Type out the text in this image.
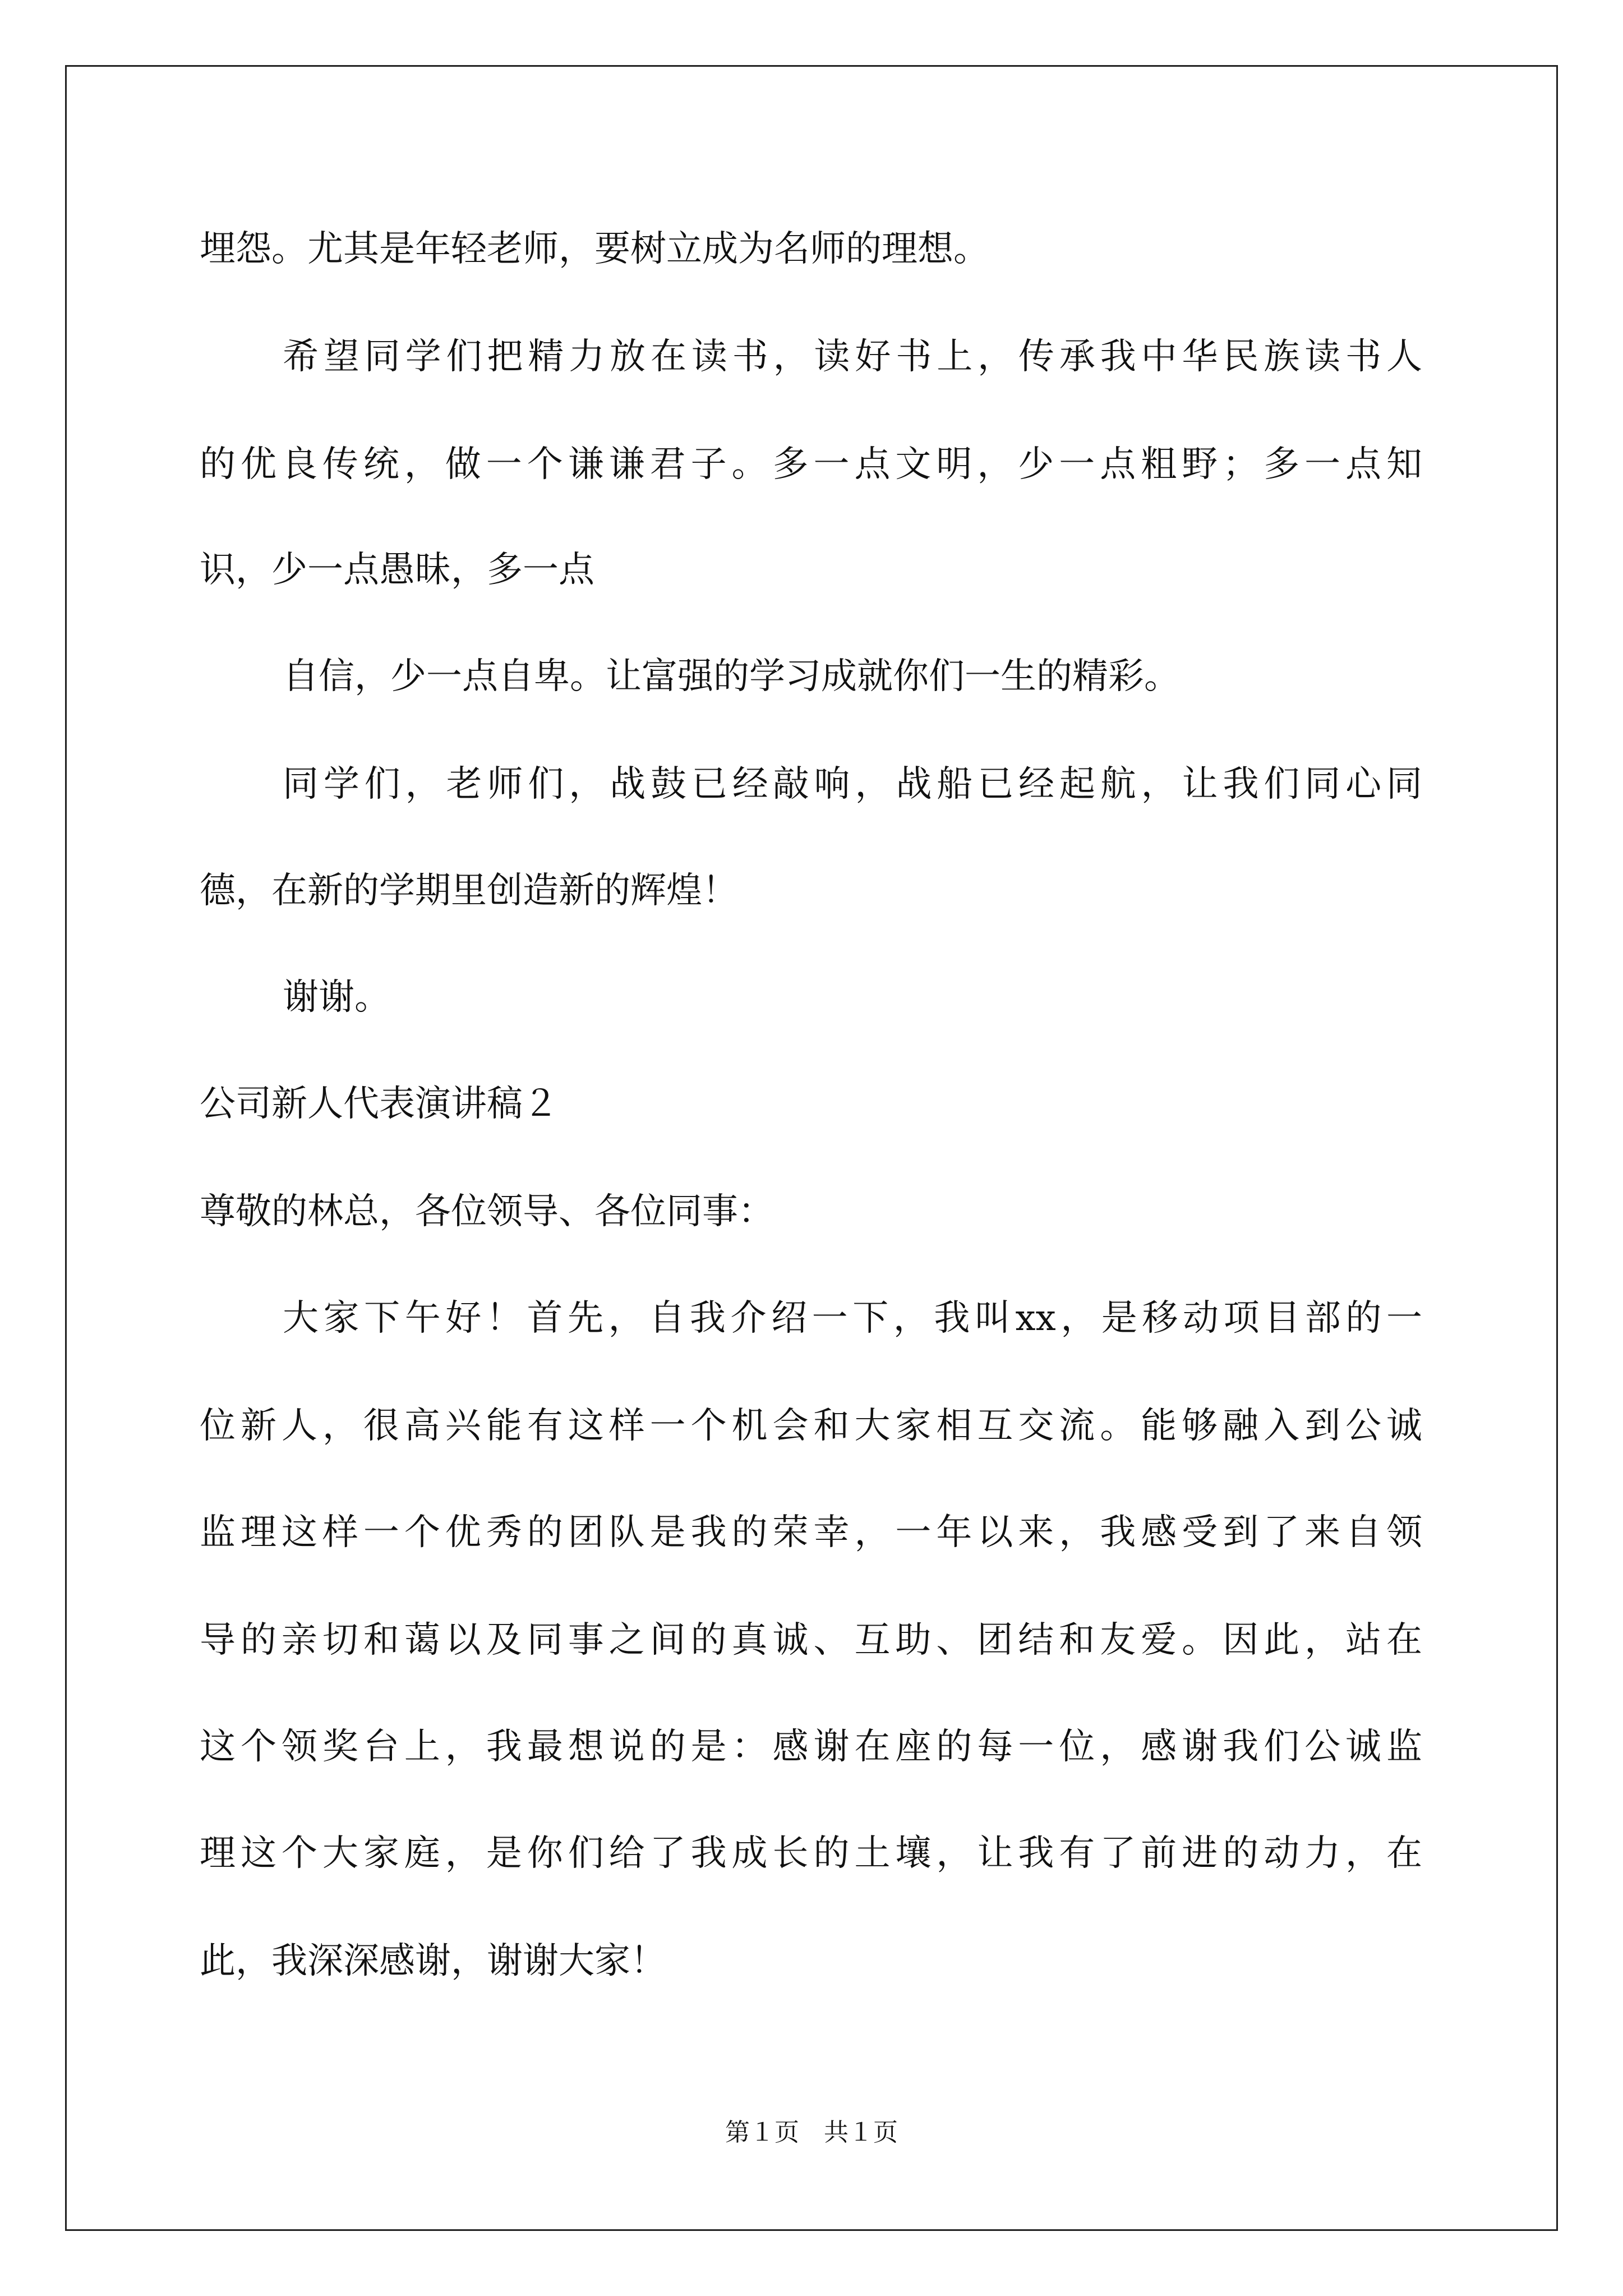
埋怨。尤其是年轻老师，要树立成为名师的理想。
希望同学们把精力放在读书，读好书上，传承我中华民族读书人
的优良传统，做一个谦谦君子。多一点文明，少一点粗野；多一点知
识，少一点愚昧，多一点
自信，少一点自卑。让富强的学习成就你们一生的精彩。
同学们，老师们，战鼓已经敲响，战船已经起航，让我们同心同
德，在新的学期里创造新的辉煌！
谢谢。
公司新人代表演讲稿２
尊敬的林总，各位领导、各位同事：
大家下午好！首先，自我介绍一下，我叫xx，是移动项目部的一
位新人，很高兴能有这样一个机会和大家相互交流。能够融入到公诚
监理这样一个优秀的团队是我的荣幸，一年以来，我感受到了来自领
导的亲切和蔼以及同事之间的真诚、互助、团结和友爱。因此，站在
这个领奖台上，我最想说的是：感谢在座的每一位，感谢我们公诚监
理这个大家庭，是你们给了我成长的土壤，让我有了前进的动力，在
此，我深深感谢，谢谢大家！
第１页　共１页
